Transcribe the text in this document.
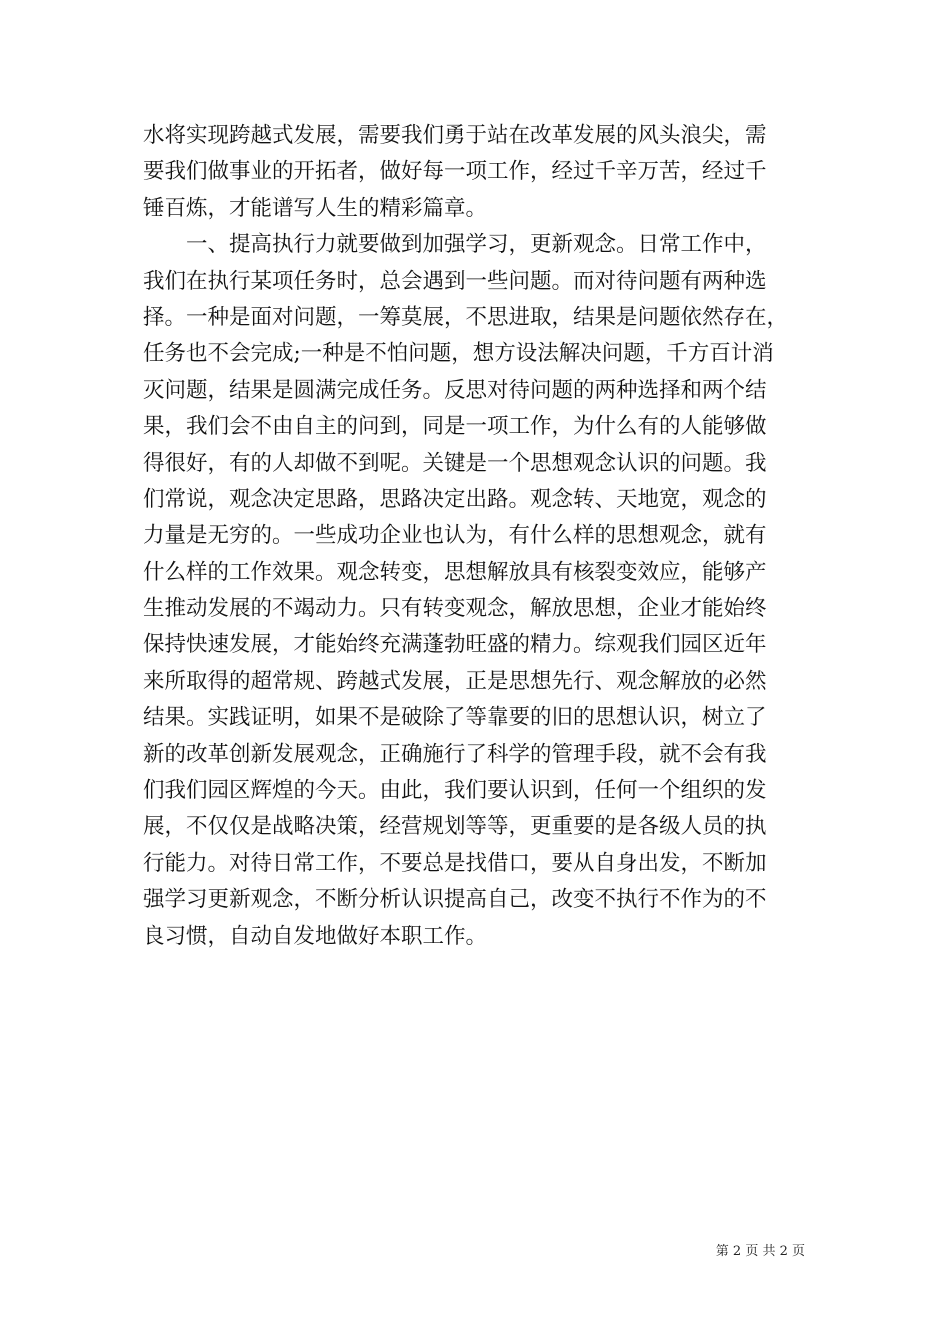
水将实现跨越式发展，需要我们勇于站在改革发展的风头浪尖，需
要我们做事业的开拓者，做好每一项工作，经过千辛万苦，经过千
锤百炼，才能谱写人生的精彩篇章。
　　一、提高执行力就要做到加强学习，更新观念。日常工作中，
我们在执行某项任务时，总会遇到一些问题。而对待问题有两种选
择。一种是面对问题，一筹莫展，不思进取，结果是问题依然存在，
任务也不会完成;一种是不怕问题，想方设法解决问题，千方百计消
灭问题，结果是圆满完成任务。反思对待问题的两种选择和两个结
果，我们会不由自主的问到，同是一项工作，为什么有的人能够做
得很好，有的人却做不到呢。关键是一个思想观念认识的问题。我
们常说，观念决定思路，思路决定出路。观念转、天地宽，观念的
力量是无穷的。一些成功企业也认为，有什么样的思想观念，就有
什么样的工作效果。观念转变，思想解放具有核裂变效应，能够产
生推动发展的不竭动力。只有转变观念，解放思想，企业才能始终
保持快速发展，才能始终充满蓬勃旺盛的精力。综观我们园区近年
来所取得的超常规、跨越式发展，正是思想先行、观念解放的必然
结果。实践证明，如果不是破除了等靠要的旧的思想认识，树立了
新的改革创新发展观念，正确施行了科学的管理手段，就不会有我
们我们园区辉煌的今天。由此，我们要认识到，任何一个组织的发
展，不仅仅是战略决策，经营规划等等，更重要的是各级人员的执
行能力。对待日常工作，不要总是找借口，要从自身出发，不断加
强学习更新观念，不断分析认识提高自己，改变不执行不作为的不
良习惯，自动自发地做好本职工作。
第 2 页 共 2 页
